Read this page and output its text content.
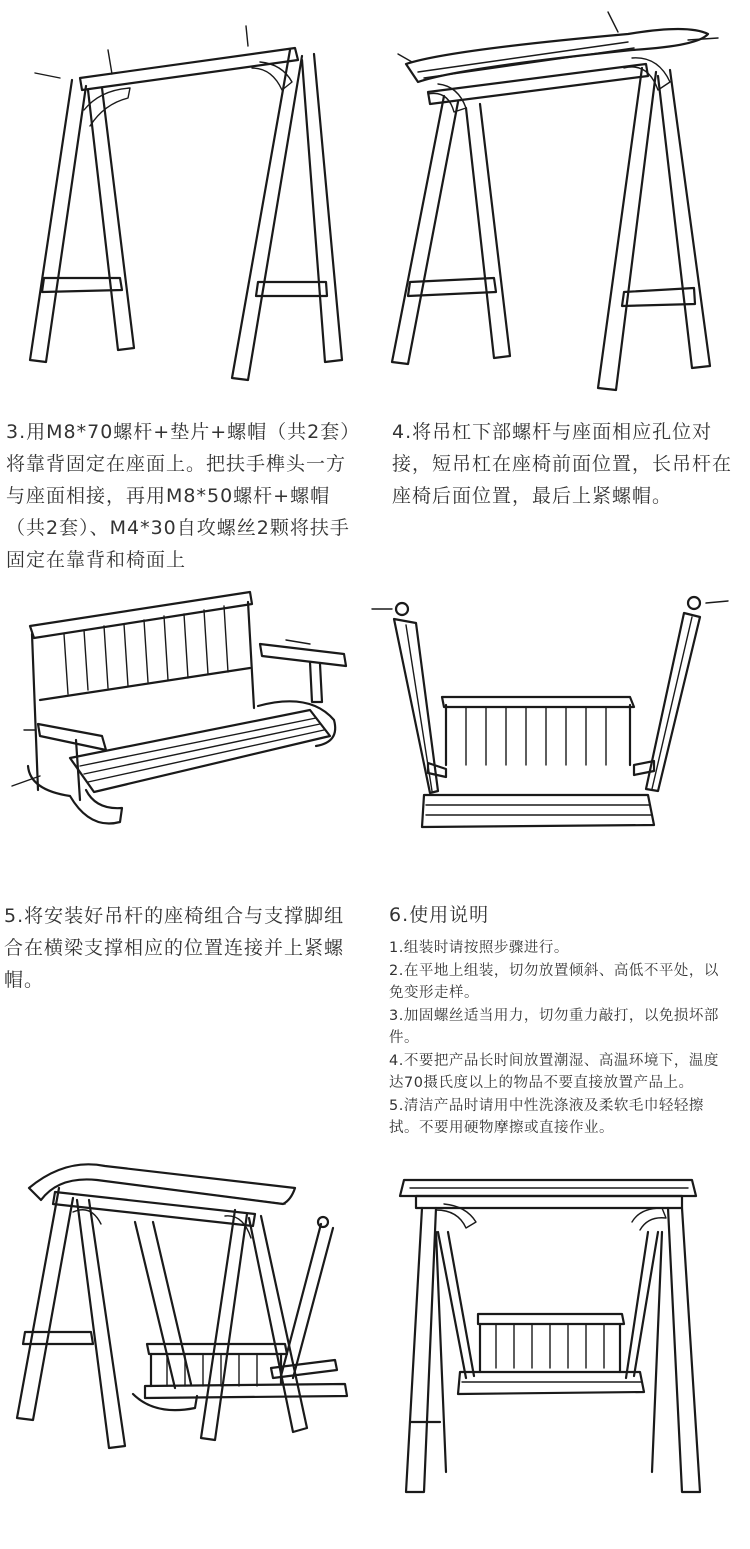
3.用M8*70螺杆+垫片+螺帽（共2套）将靠背固定在座面上。把扶手榫头一方与座面相接，再用M8*50螺杆+螺帽（共2套）、M4*30自攻螺丝2颗将扶手固定在靠背和椅面上
4.将吊杠下部螺杆与座面相应孔位对接，短吊杠在座椅前面位置，长吊杆在座椅后面位置，最后上紧螺帽。
5.将安装好吊杆的座椅组合与支撑脚组合在横梁支撑相应的位置连接并上紧螺帽。
6.使用说明
1.组装时请按照步骤进行。
2.在平地上组装，切勿放置倾斜、高低不平处，以免变形走样。
3.加固螺丝适当用力，切勿重力敲打，以免损坏部件。
4.不要把产品长时间放置潮湿、高温环境下，温度达70摄氏度以上的物品不要直接放置产品上。
5.清洁产品时请用中性洗涤液及柔软毛巾轻轻擦拭。不要用硬物摩擦或直接作业。
